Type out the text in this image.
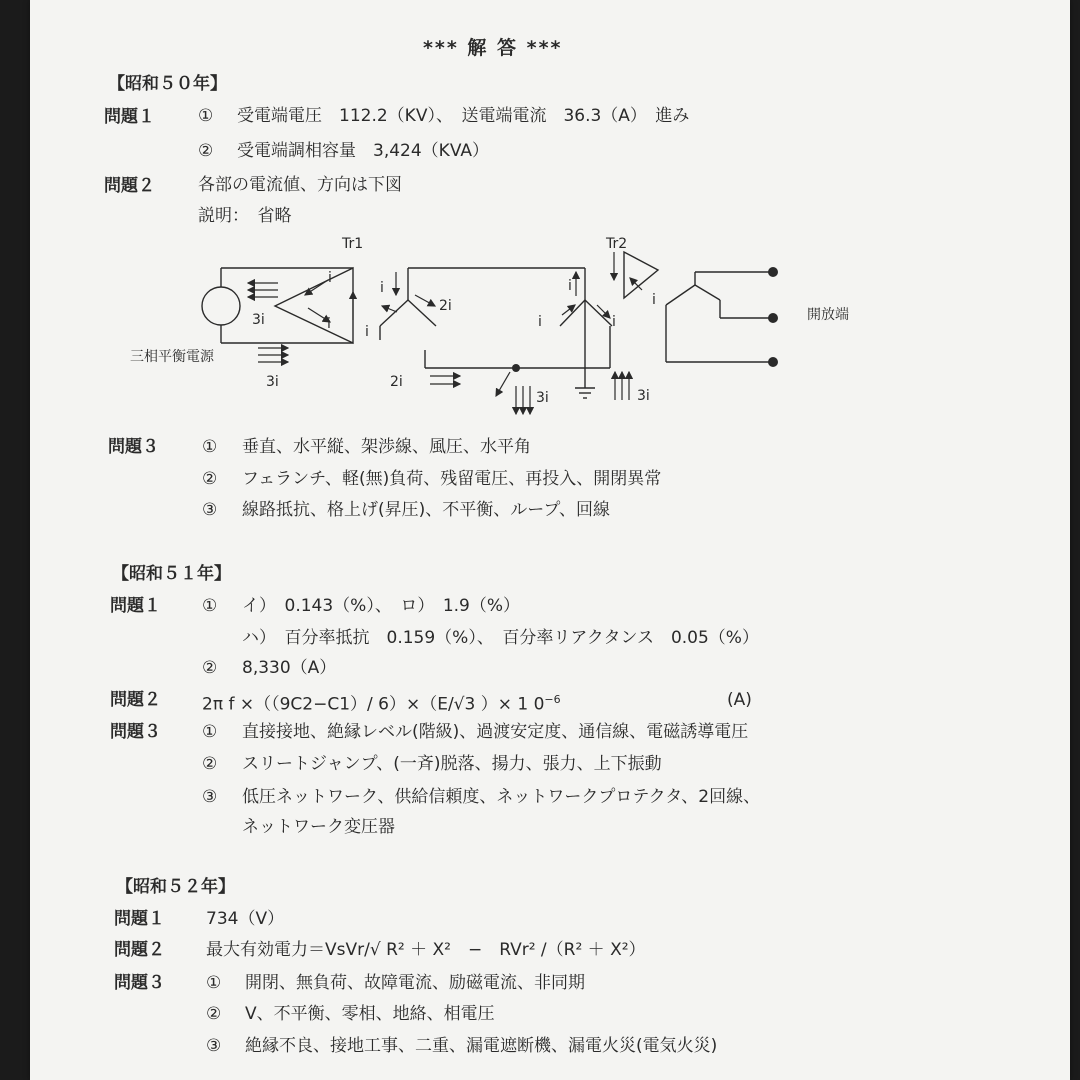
*** 解 答 ***
【昭和５０年】
問題１	① 受電端電圧　112.2（KV）、　送電端電流　36.3（A）　進み
② 受電端調相容量　3,424（KVA）
問題２	各部の電流値、方向は下図
説明：　省略
Tr1	Tr2
三相平衡電源
開放端
3i
3i
i
i
i
i
2i
2i
i
i	i
i
3i	3i
問題３	① 垂直、水平縦、架渉線、風圧、水平角
② フェランチ、軽(無)負荷、残留電圧、再投入、開閉異常
③ 線路抵抗、格上げ(昇圧)、不平衡、ループ、回線
【昭和５１年】
問題１ ① イ）　0.143（%）、　ロ）　1.9（%）
ハ）　百分率抵抗　0.159（%）、　百分率リアクタンス　0.05（%）
② 8,330（A）
問題２ 2π f ×（（9C2−C1）/ 6）×（E/√3 ）× 1 $0^{-6}$	(A)
問題３ ① 直接接地、絶縁レベル(階級)、過渡安定度、通信線、電磁誘導電圧
② スリートジャンプ、(一斉)脱落、揚力、張力、上下振動
③ 低圧ネットワーク、供給信頼度、ネットワークプロテクタ、2回線、
ネットワーク変圧器
【昭和５２年】
問題１ 734（V）
問題２ 最大有効電力＝VsVr/√ R² ＋ X²　−　RVr² /（R² ＋ X²）
問題３ ① 開閉、無負荷、故障電流、励磁電流、非同期
② V、不平衡、零相、地絡、相電圧
③ 絶縁不良、接地工事、二重、漏電遮断機、漏電火災(電気火災)
